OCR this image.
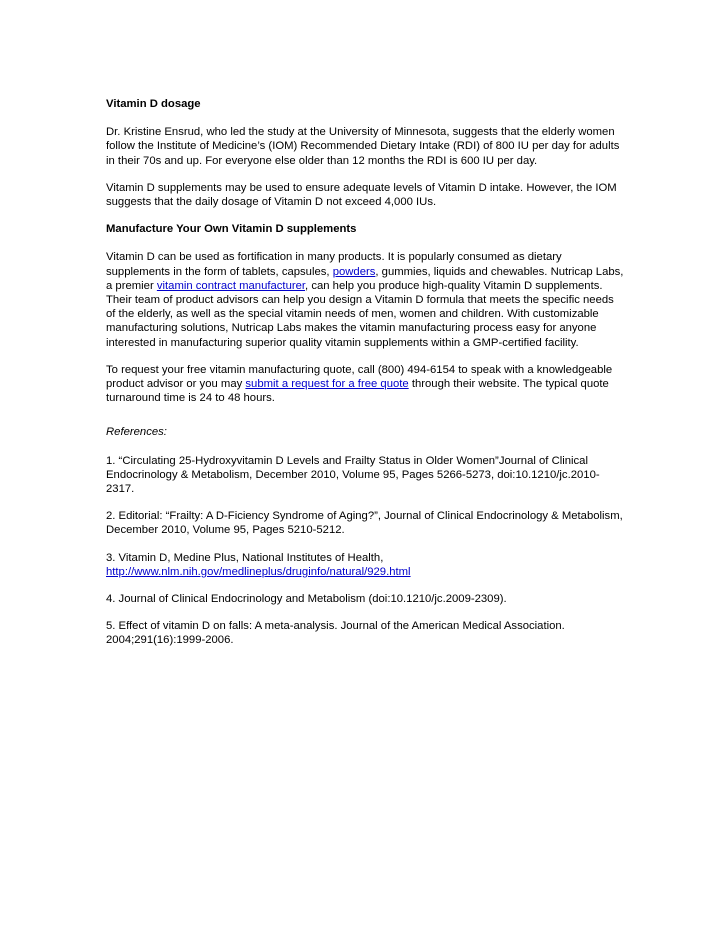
Vitamin D dosage

Dr. Kristine Ensrud, who led the study at the University of Minnesota, suggests that the elderly women follow the Institute of Medicine’s (IOM) Recommended Dietary Intake (RDI) of 800 IU per day for adults in their 70s and up. For everyone else older than 12 months the RDI is 600 IU per day.

Vitamin D supplements may be used to ensure adequate levels of Vitamin D intake. However, the IOM suggests that the daily dosage of Vitamin D not exceed 4,000 IUs.

Manufacture Your Own Vitamin D supplements

Vitamin D can be used as fortification in many products. It is popularly consumed as dietary supplements in the form of tablets, capsules, powders, gummies, liquids and chewables. Nutricap Labs, a premier vitamin contract manufacturer, can help you produce high-quality Vitamin D supplements. Their team of product advisors can help you design a Vitamin D formula that meets the specific needs of the elderly, as well as the special vitamin needs of men, women and children. With customizable manufacturing solutions, Nutricap Labs makes the vitamin manufacturing process easy for anyone interested in manufacturing superior quality vitamin supplements within a GMP-certified facility.

To request your free vitamin manufacturing quote, call (800) 494-6154 to speak with a knowledgeable product advisor or you may submit a request for a free quote through their website. The typical quote turnaround time is 24 to 48 hours.

References:

1. “Circulating 25-Hydroxyvitamin D Levels and Frailty Status in Older Women”Journal of Clinical Endocrinology & Metabolism, December 2010, Volume 95, Pages 5266-5273, doi:10.1210/jc.2010-2317.

2. Editorial: “Frailty: A D-Ficiency Syndrome of Aging?”, Journal of Clinical Endocrinology & Metabolism, December 2010, Volume 95, Pages 5210-5212.

3. Vitamin D, Medine Plus, National Institutes of Health,
http://www.nlm.nih.gov/medlineplus/druginfo/natural/929.html

4. Journal of Clinical Endocrinology and Metabolism (doi:10.1210/jc.2009-2309).

5. Effect of vitamin D on falls: A meta-analysis. Journal of the American Medical Association. 2004;291(16):1999-2006.
